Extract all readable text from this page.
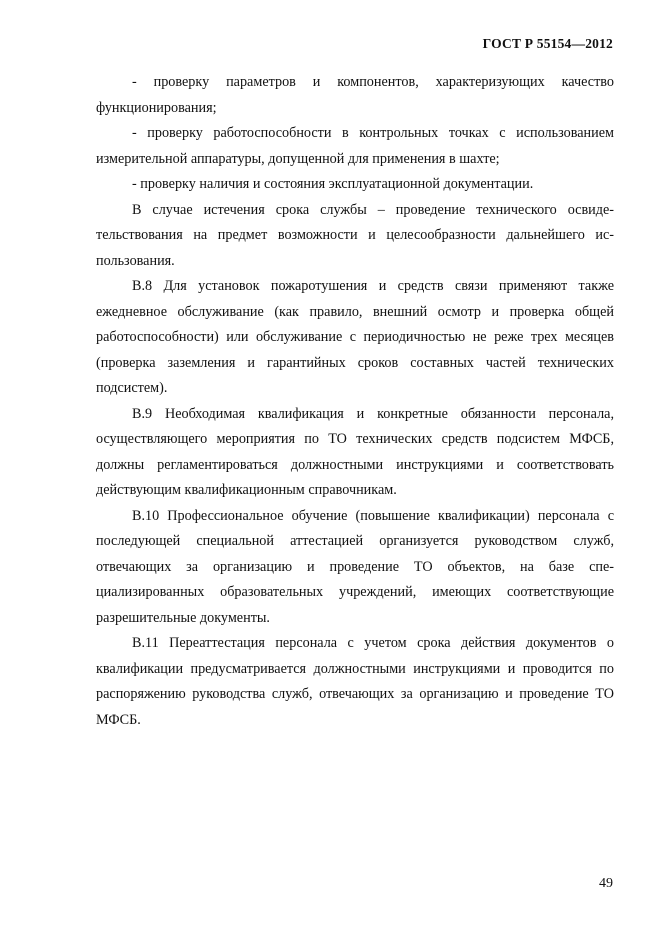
ГОСТ Р 55154—2012

- проверку параметров и компонентов, характеризующих качество функционирования;

- проверку работоспособности в контрольных точках с использованием измерительной аппаратуры, допущенной для применения в шахте;

- проверку наличия и состояния эксплуатационной документации.

В случае истечения срока службы – проведение технического освидетельствования на предмет возможности и целесообразности дальнейшего использования.

В.8 Для установок пожаротушения и средств связи применяют также ежедневное обслуживание (как правило, внешний осмотр и проверка общей работоспособности) или обслуживание с периодичностью не реже трех месяцев (проверка заземления и гарантийных сроков составных частей технических подсистем).

В.9 Необходимая квалификация и конкретные обязанности персонала, осуществляющего мероприятия по ТО технических средств подсистем МФСБ, должны регламентироваться должностными инструкциями и соответствовать действующим квалификационным справочникам.

В.10 Профессиональное обучение (повышение квалификации) персонала с последующей специальной аттестацией организуется руководством служб, отвечающих за организацию и проведение ТО объектов, на базе специализированных образовательных учреждений, имеющих соответствующие разрешительные документы.

В.11 Переаттестация персонала с учетом срока действия документов о квалификации предусматривается должностными инструкциями и проводится по распоряжению руководства служб, отвечающих за организацию и проведение ТО МФСБ.

49
